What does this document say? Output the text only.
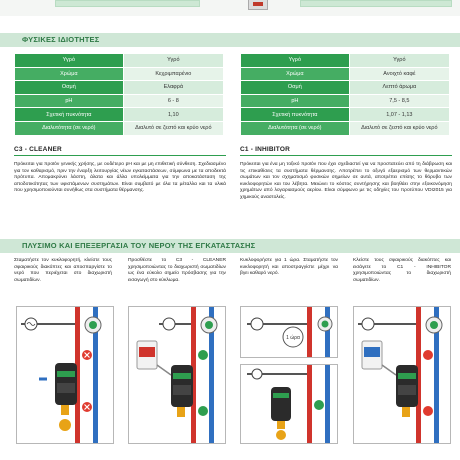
ΦΥΣΙΚΕΣ ΙΔΙΟΤΗΤΕΣ
Υγρό	Υγρό
Χρώμα	Κεχριμπαρένιο
Οσμή	Ελαφρά
pH	6 - 8
Σχετική πυκνότητα	1,10
Διαλυτότητα (σε νερό)	Διαλυτό σε ζεστό και κρύο νερό
Υγρό	Υγρό
Χρώμα	Ανοιχτό καφέ
Οσμή	Λεπτό άρωμα
pH	7,5 - 8,5
Σχετική πυκνότητα	1,07 - 1,13
Διαλυτότητα (σε νερό)	Διαλυτό σε ζεστό και κρύο νερό
C3 - CLEANER	C1 - INHIBITOR
Πρόκειται για προϊόν γενικής χρήσης, με ουδέτερο pH και με μη επιθετική σύνθεση. Σχεδιασμένο για τον καθαρισμό, πριν την έναρξη λειτουργίας νέων εγκαταστάσεων, σύμφωνα με τα αποδεκτά πρότυπα. Απομακρύνει λάσπη, άλατα και άλλα υπολείμματα για την αποκατάσταση της αποδοτικότητας των υφιστάμενων συστημάτων. Είναι συμβατό με όλα τα μέταλλα και τα υλικά που χρησιμοποιούνται συνήθως στα συστήματα θέρμανσης.
Πρόκειται για ένα μη τοξικό προϊόν που έχει σχεδιαστεί για να προστατεύει από τη διάβρωση και τις επικαθίσεις τα συστήματα θέρμανσης. Αποτρέπει το οξυγό εξαερισμό των θερμαντικών σωμάτων και τον σχηματισμό φυσικών σημείων σε αυτά, αποτρέπει επίσης το θόρυβο των κυκλοφορητών και του λέβητα. Μειώνει το κόστος συντήρησης και βοηθάει στην εξοικονόμηση χρημάτων από λογαριασμούς αερίου. Είναι σύμφωνο με τις οδηγίες του προτύπου VDI2015 για χημικούς αναστολείς.
ΠΛΥΣΙΜΟ ΚΑΙ ΕΠΕΞΕΡΓΑΣΙΑ ΤΟΥ ΝΕΡΟΥ ΤΗΣ ΕΓΚΑΤΑΣΤΑΣΗΣ
Σταματήστε τον κυκλοφορητή, κλείστε τους σφαιρικούς διακόπτες και αποσπαργίστε το νερό που περιέχεται στο διαχωριστή σωματιδίων.
Προσθέστε το C3 - CLEANER χρησιμοποιώντας το διαχωριστή σωματιδίων ως ένα εύκολο σημείο πρόσβασης για την εισαγωγή στο κύκλωμα.
Κυκλοφορήστε για 1 ώρα. Σταματήστε τον κυκλοφορητή και αποστραγγίστε μέχρι να βγει καθαρό νερό.
Κλείστε τους σφαιρικούς διακόπτες και εισάγετε το C1 - INHIBITOR χρησιμοποιώντας το διαχωριστή σωματιδίων.
1 ώρα
